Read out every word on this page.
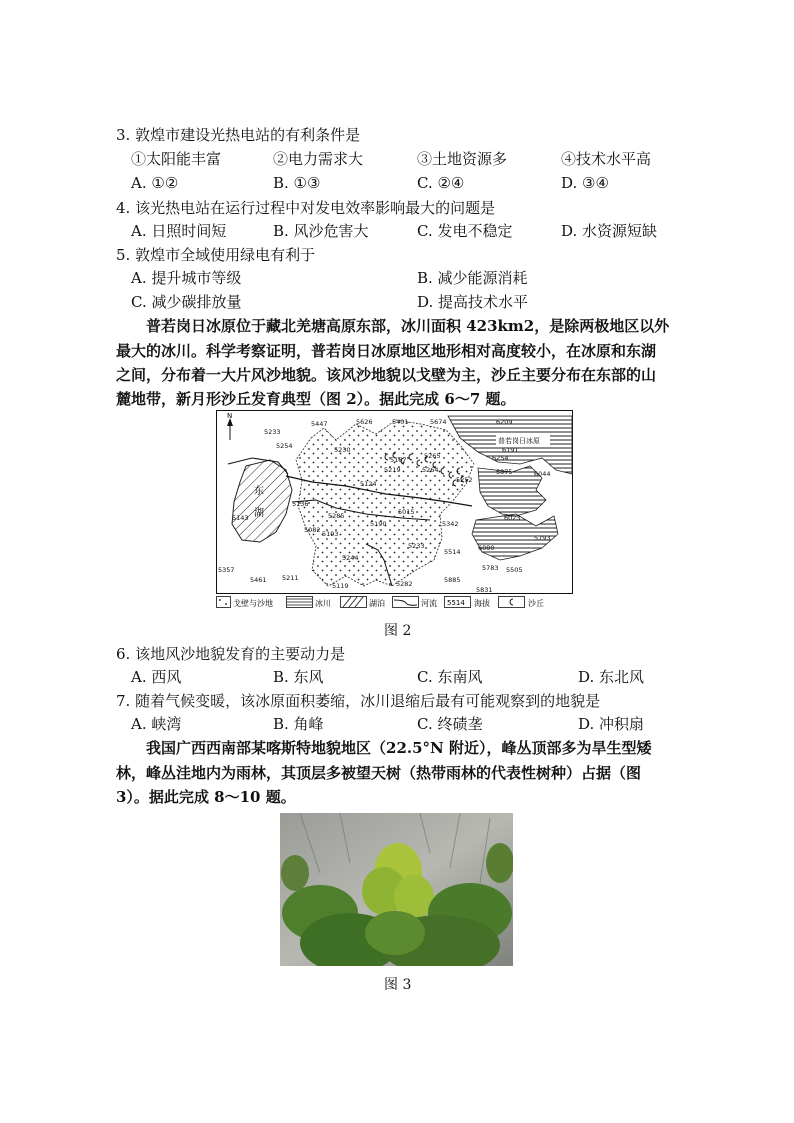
3. 敦煌市建设光热电站的有利条件是
①太阳能丰富	②电力需求大	③土地资源多	④技术水平高
A. ①②	B. ①③	C. ②④	D. ③④
4. 该光热电站在运行过程中对发电效率影响最大的问题是
A. 日照时间短	B. 风沙危害大	C. 发电不稳定	D. 水资源短缺
5. 敦煌市全域使用绿电有利于
A. 提升城市等级	B. 减少能源消耗
C. 减少碳排放量	D. 提高技术水平
普若岗日冰原位于藏北羌塘高原东部，冰川面积 423km2，是除两极地区以外
最大的冰川。科学考察证明，普若岗日冰原地区地形相对高度较小，在冰原和东湖
之间，分布着一大片风沙地貌。该风沙地貌以戈壁为主，沙丘主要分布在东部的山
麓地带，新月形沙丘发育典型（图 2）。据此完成 6～7 题。
N
东
湖
普若岗日冰原
5447	5626	5401	5674	6209
5233
5254	5230
5167	5265
6191
6254
5219	5264
5252
5875	6044
5124
5136
5143	5285	5015
5342
6023
5082 5193
5190
5793
5233
5514	6080
5357
5244
5461 5211
5119	5282	5885
5783 5505
5831
戈壁与沙地	冰川	湖泊	河流 5514 海拔	沙丘
图 2
6. 该地风沙地貌发育的主要动力是
A. 西风	B. 东风	C. 东南风	D. 东北风
7. 随着气候变暖，该冰原面积萎缩，冰川退缩后最有可能观察到的地貌是
A. 峡湾	B. 角峰	C. 终碛垄	D. 冲积扇
我国广西西南部某喀斯特地貌地区（22.5°N 附近），峰丛顶部多为旱生型矮
林，峰丛洼地内为雨林，其顶层多被望天树（热带雨林的代表性树种）占据（图
3）。据此完成 8～10 题。
图 3
